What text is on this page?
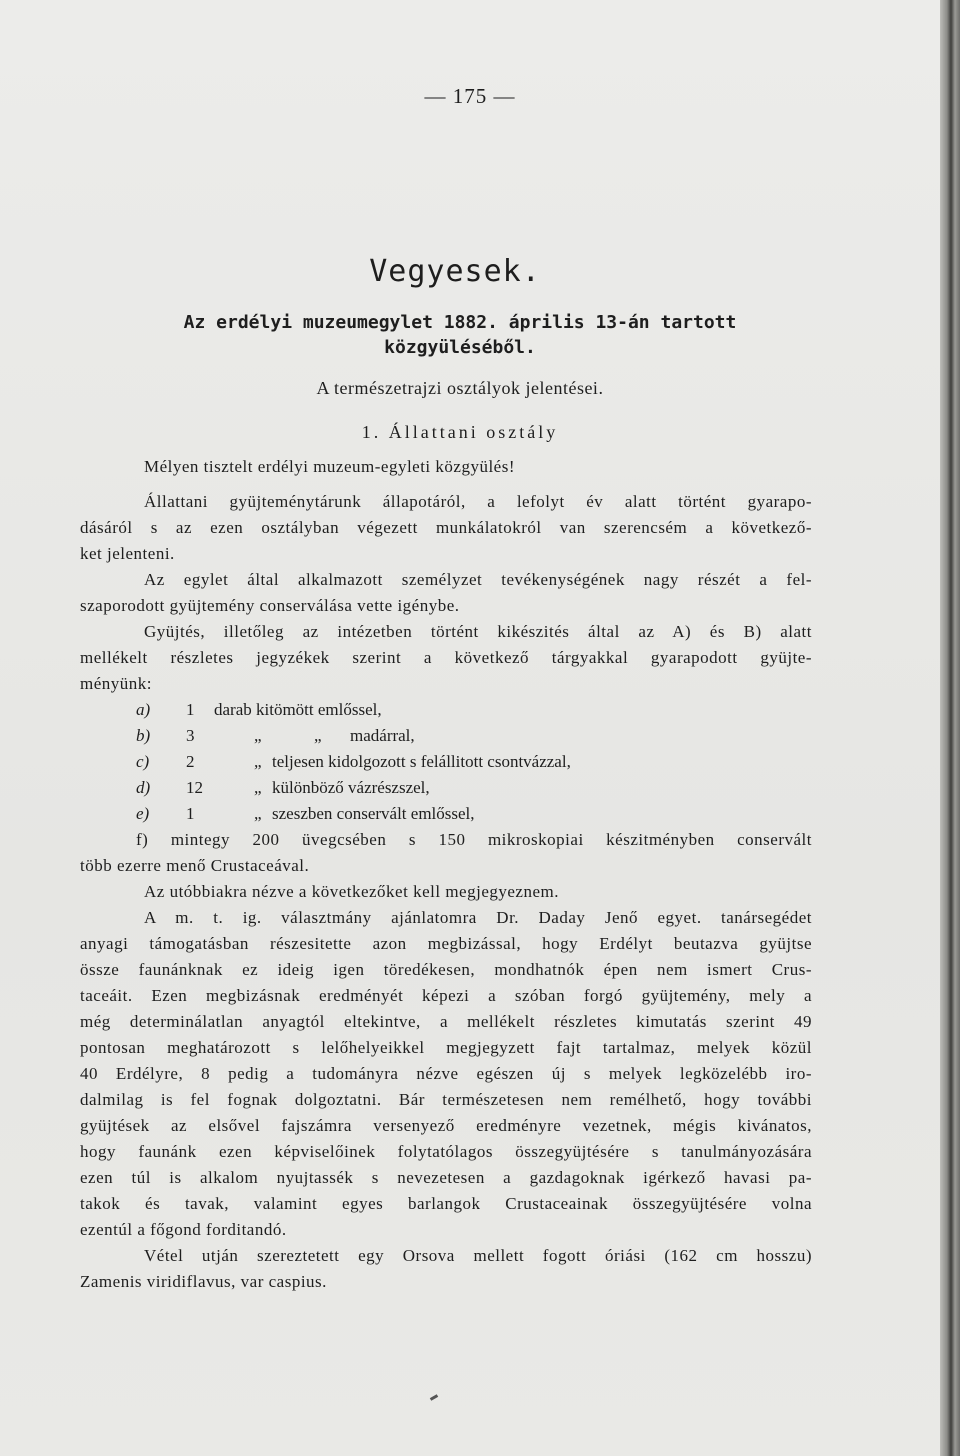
— 175 —
Vegyesek.
Az erdélyi muzeumegylet 1882. április 13-án tartott
közgyüléséből.
A természetrajzi osztályok jelentései.
1. Állattani osztály
Mélyen tisztelt erdélyi muzeum-egyleti közgyülés!
Állattani gyüjteménytárunk állapotáról, a lefolyt év alatt történt gyarapo-
dásáról s az ezen osztályban végezett munkálatokról van szerencsém a következő-
ket jelenteni.
Az egylet által alkalmazott személyzet tevékenységének nagy részét a fel-
szaporodott gyüjtemény conserválása vette igénybe.
Gyüjtés, illetőleg az intézetben történt kikészités által az A) és B) alatt
mellékelt részletes jegyzékek szerint a következő tárgyakkal gyarapodott gyüjte-
ményünk:
a) 1 darab kitömött emlőssel,
b) 3	„	„ madárral,
c) 2	„ teljesen kidolgozott s felállitott csontvázzal,
d) 12	„ különböző vázrészszel,
e) 1	„ szeszben conservált emlőssel,
f) mintegy 200 üvegcsében s 150 mikroskopiai készitményben conservált
több ezerre menő Crustaceával.
Az utóbbiakra nézve a következőket kell megjegyeznem.
A m. t. ig. választmány ajánlatomra Dr. Daday Jenő egyet. tanársegédet
anyagi támogatásban részesitette azon megbizással, hogy Erdélyt beutazva gyüjtse
össze faunánknak ez ideig igen töredékesen, mondhatnók épen nem ismert Crus-
taceáit. Ezen megbizásnak eredményét képezi a szóban forgó gyüjtemény, mely a
még determinálatlan anyagtól eltekintve, a mellékelt részletes kimutatás szerint 49
pontosan meghatározott s lelőhelyeikkel megjegyzett fajt tartalmaz, melyek közül
40 Erdélyre, 8 pedig a tudományra nézve egészen új s melyek legközelébb iro-
dalmilag is fel fognak dolgoztatni. Bár természetesen nem remélhető, hogy további
gyüjtések az elsővel fajszámra versenyező eredményre vezetnek, mégis kivánatos,
hogy faunánk ezen képviselőinek folytatólagos összegyüjtésére s tanulmányozására
ezen túl is alkalom nyujtassék s nevezetesen a gazdagoknak igérkező havasi pa-
takok és tavak, valamint egyes barlangok Crustaceainak összegyüjtésére volna
ezentúl a főgond forditandó.
Vétel utján szereztetett egy Orsova mellett fogott óriási (162 cm hosszu)
Zamenis viridiflavus, var caspius.
